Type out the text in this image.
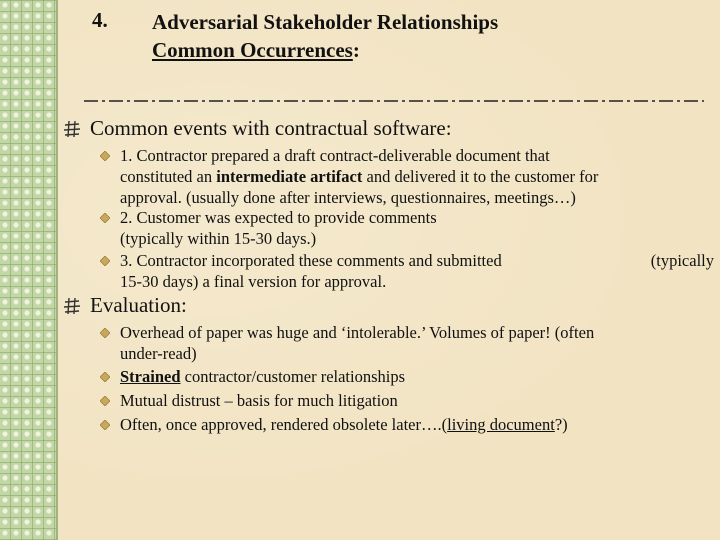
4. Adversarial Stakeholder Relationships
Common Occurrences:
Common events with contractual software:
1. Contractor prepared a draft contract-deliverable document that
constituted an intermediate artifact and delivered it to the customer for
approval. (usually done after interviews, questionnaires, meetings…)
2. Customer was expected to provide comments
(typically within 15-30 days.)
3. Contractor incorporated these comments and submitted	(typically
15-30 days) a final version for approval.
Evaluation:
Overhead of paper was huge and ‘intolerable.’ Volumes of paper! (often
under-read)
Strained contractor/customer relationships
Mutual distrust – basis for much litigation
Often, once approved, rendered obsolete later….(living document?)
